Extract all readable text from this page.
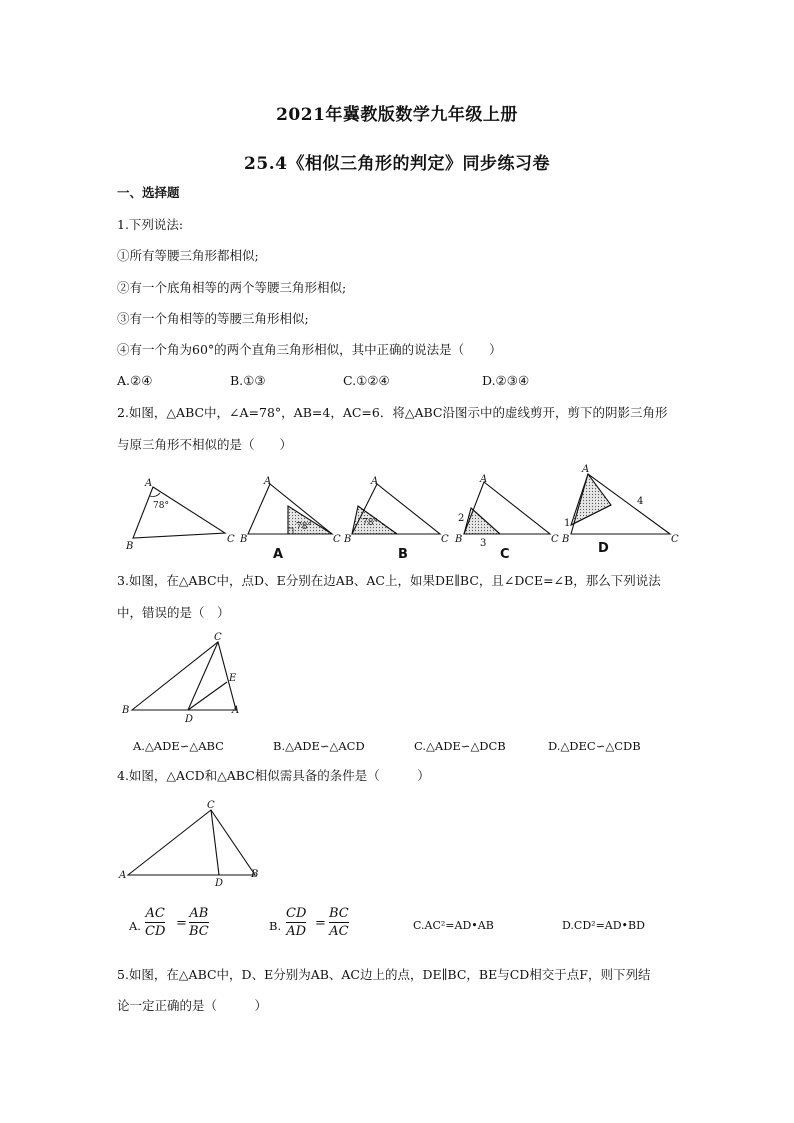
2021年冀教版数学九年级上册
25.4《相似三角形的判定》同步练习卷
一、选择题
1.下列说法:
①所有等腰三角形都相似;
②有一个底角相等的两个等腰三角形相似;
③有一个角相等的等腰三角形相似;
④有一个角为60°的两个直角三角形相似，其中正确的说法是（　　）
A.②④	B.①③	C.①②④	D.②③④
2.如图，△ABC中，∠A=78°，AB=4，AC=6．将△ABC沿图示中的虚线剪开，剪下的阴影三角形
与原三角形不相似的是（　　）
A
B
C
78°
A
B	C
78°
A
A
B	C
78°
B
A
B	C
2
3
C
A
B	C
1
4
D
3.如图，在△ABC中，点D、E分别在边AB、AC上，如果DE∥BC，且∠DCE=∠B，那么下列说法
中，错误的是（　）
C
E
B
D
A
A.△ADE∽△ABC	B.△ADE∽△ACD	C.△ADE∽△DCB	D.△DEC∽△CDB
4.如图，△ACD和△ABC相似需具备的条件是（　　　）
C
A
D
B
A.
AC
CD
=
AB
BC	B.
CD
AD
=
BC
AC	C.AC²=AD•AB	D.CD²=AD•BD
5.如图，在△ABC中，D、E分别为AB、AC边上的点，DE∥BC，BE与CD相交于点F，则下列结
论一定正确的是（　　　）
